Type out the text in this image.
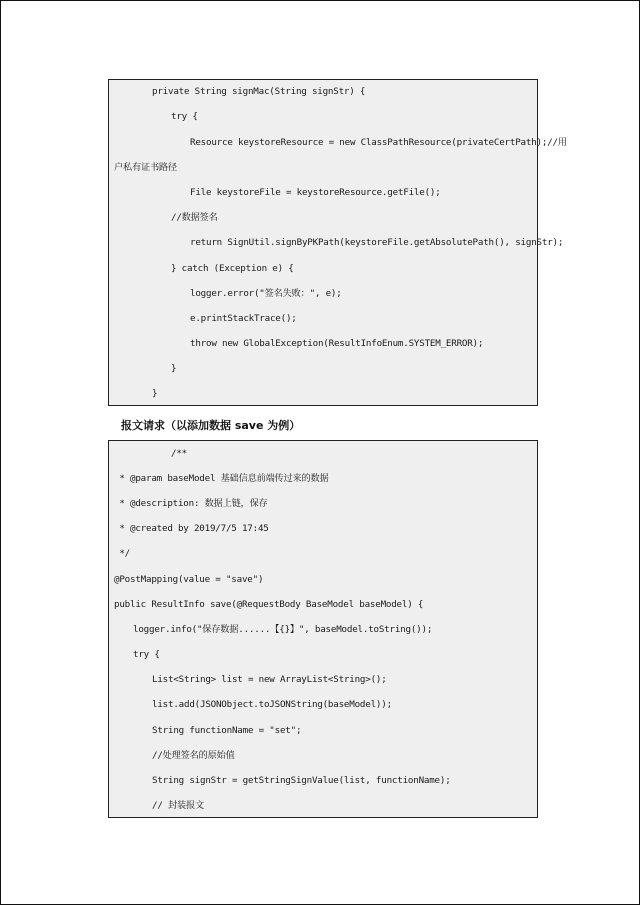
private String signMac(String signStr) {
try {
Resource keystoreResource = new ClassPathResource(privateCertPath);//用
户私有证书路径
File keystoreFile = keystoreResource.getFile();
//数据签名
return SignUtil.signByPKPath(keystoreFile.getAbsolutePath(), signStr);
} catch (Exception e) {
logger.error("签名失败：", e);
e.printStackTrace();
throw new GlobalException(ResultInfoEnum.SYSTEM_ERROR);
}
}
报文请求（以添加数据 save 为例）
/**
* @param baseModel 基础信息前端传过来的数据
* @description: 数据上链，保存
* @created by 2019/7/5 17:45
*/
@PostMapping(value = "save")
public ResultInfo save(@RequestBody BaseModel baseModel) {
logger.info("保存数据......【{}】", baseModel.toString());
try {
List<String> list = new ArrayList<String>();
list.add(JSONObject.toJSONString(baseModel));
String functionName = "set";
//处理签名的原始值
String signStr = getStringSignValue(list, functionName);
// 封装报文
